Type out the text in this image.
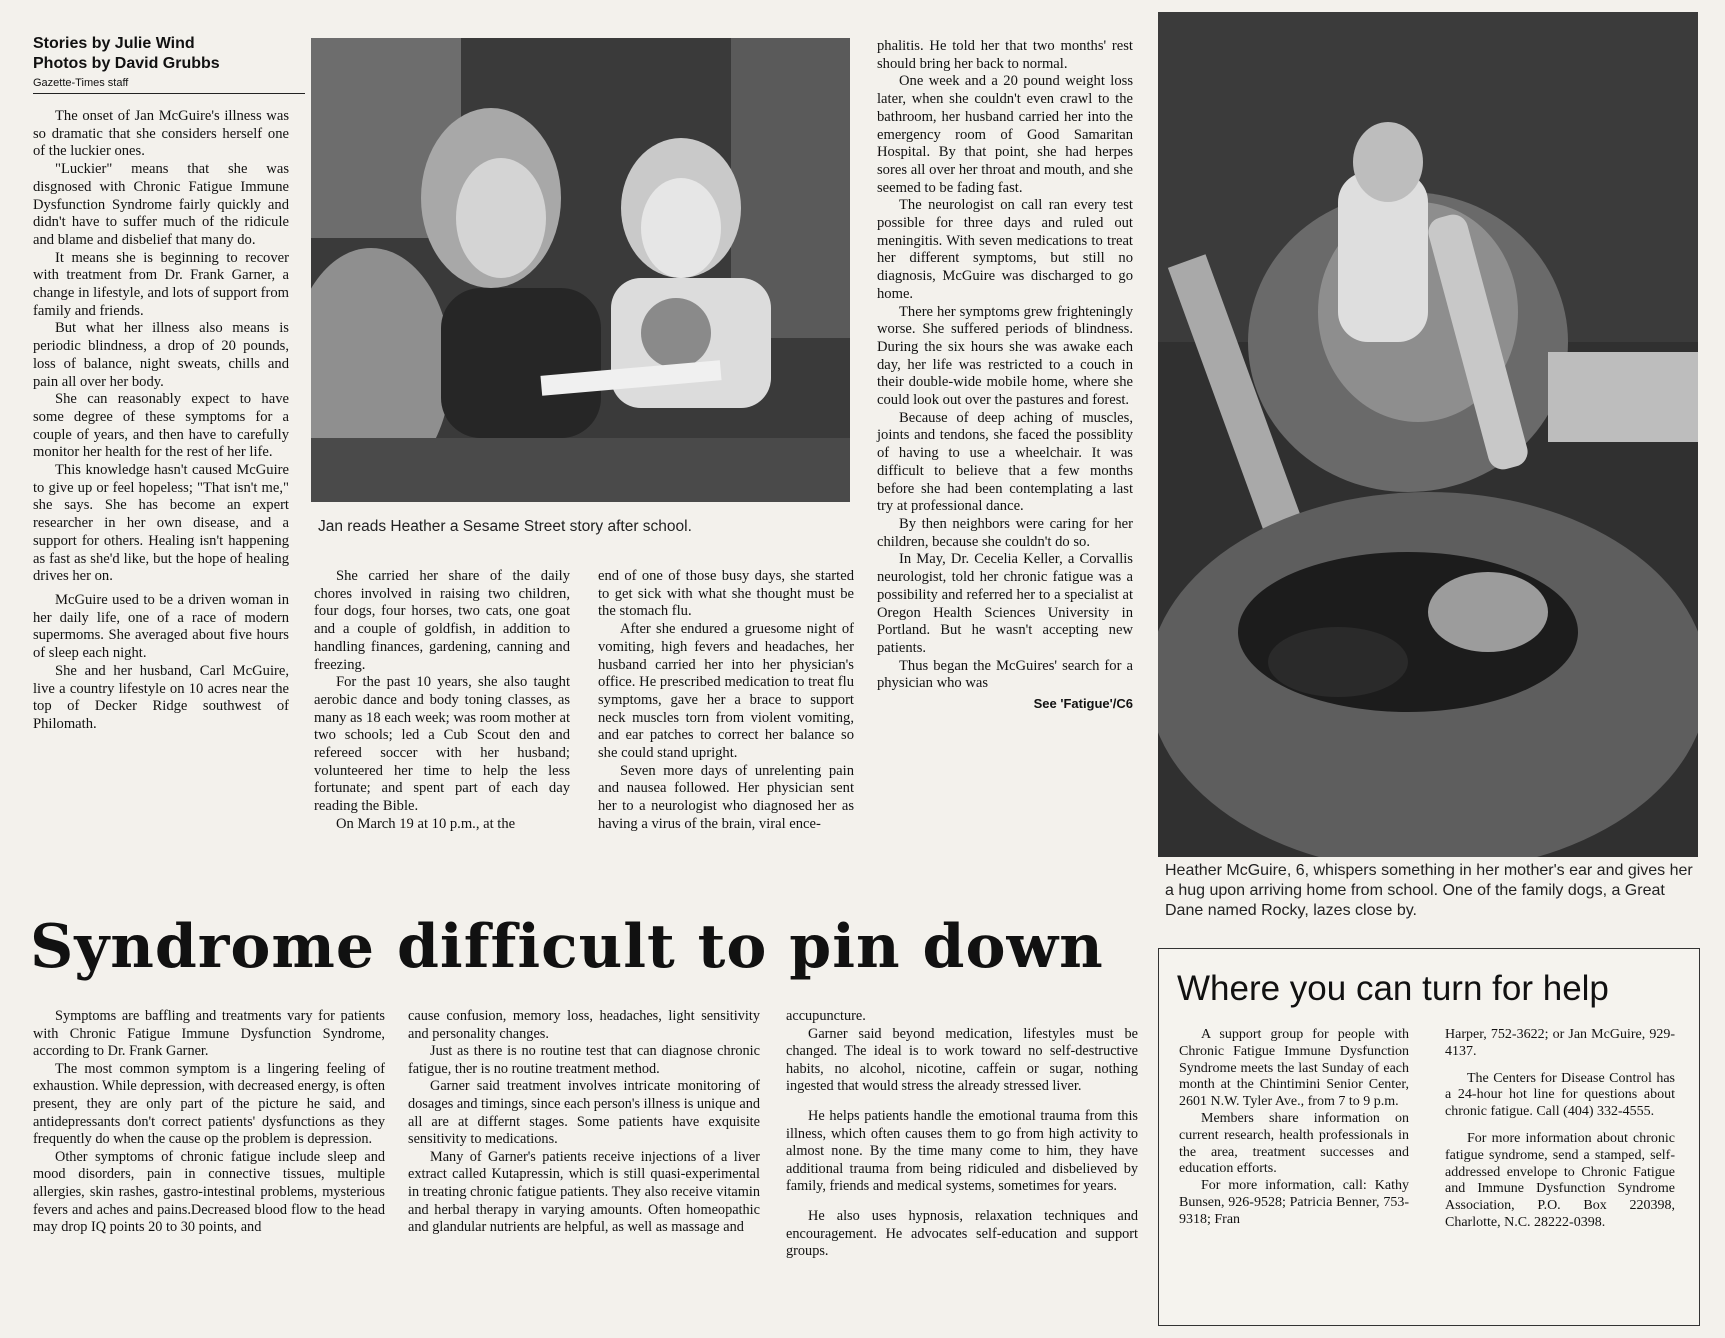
Stories by Julie Wind
Photos by David Grubbs
Gazette-Times staff

The onset of Jan McGuire's illness was so dramatic that she considers herself one of the luckier ones.

"Luckier" means that she was disgnosed with Chronic Fatigue Immune Dysfunction Syndrome fairly quickly and didn't have to suffer much of the ridicule and blame and disbelief that many do.

It means she is beginning to recover with treatment from Dr. Frank Garner, a change in lifestyle, and lots of support from family and friends.

But what her illness also means is periodic blindness, a drop of 20 pounds, loss of balance, night sweats, chills and pain all over her body.

She can reasonably expect to have some degree of these symptoms for a couple of years, and then have to carefully monitor her health for the rest of her life.

This knowledge hasn't caused McGuire to give up or feel hopeless; "That isn't me," she says. She has become an expert researcher in her own disease, and a support for others. Healing isn't happening as fast as she'd like, but the hope of healing drives her on.

McGuire used to be a driven woman in her daily life, one of a race of modern supermoms. She averaged about five hours of sleep each night.

She and her husband, Carl McGuire, live a country lifestyle on 10 acres near the top of Decker Ridge southwest of Philomath.

Jan reads Heather a Sesame Street story after school.

She carried her share of the daily chores involved in raising two children, four dogs, four horses, two cats, one goat and a couple of goldfish, in addition to handling finances, gardening, canning and freezing.

For the past 10 years, she also taught aerobic dance and body toning classes, as many as 18 each week; was room mother at two schools; led a Cub Scout den and refereed soccer with her husband; volunteered her time to help the less fortunate; and spent part of each day reading the Bible.

On March 19 at 10 p.m., at the

end of one of those busy days, she started to get sick with what she thought must be the stomach flu.

After she endured a gruesome night of vomiting, high fevers and headaches, her husband carried her into her physician's office. He prescribed medication to treat flu symptoms, gave her a brace to support neck muscles torn from violent vomiting, and ear patches to correct her balance so she could stand upright.

Seven more days of unrelenting pain and nausea followed. Her physician sent her to a neurologist who diagnosed her as having a virus of the brain, viral ence-

phalitis. He told her that two months' rest should bring her back to normal.

One week and a 20 pound weight loss later, when she couldn't even crawl to the bathroom, her husband carried her into the emergency room of Good Samaritan Hospital. By that point, she had herpes sores all over her throat and mouth, and she seemed to be fading fast.

The neurologist on call ran every test possible for three days and ruled out meningitis. With seven medications to treat her different symptoms, but still no diagnosis, McGuire was discharged to go home.

There her symptoms grew frighteningly worse. She suffered periods of blindness. During the six hours she was awake each day, her life was restricted to a couch in their double-wide mobile home, where she could look out over the pastures and forest.

Because of deep aching of muscles, joints and tendons, she faced the possiblity of having to use a wheelchair. It was difficult to believe that a few months before she had been contemplating a last try at professional dance.

By then neighbors were caring for her children, because she couldn't do so.

In May, Dr. Cecelia Keller, a Corvallis neurologist, told her chronic fatigue was a possibility and referred her to a specialist at Oregon Health Sciences University in Portland. But he wasn't accepting new patients.

Thus began the McGuires' search for a physician who was

See 'Fatigue'/C6
Heather McGuire, 6, whispers something in her mother's ear and gives her a hug upon arriving home from school. One of the family dogs, a Great Dane named Rocky, lazes close by.
Syndrome difficult to pin down

Symptoms are baffling and treatments vary for patients with Chronic Fatigue Immune Dysfunction Syndrome, according to Dr. Frank Garner.

The most common symptom is a lingering feeling of exhaustion. While depression, with decreased energy, is often present, they are only part of the picture he said, and antidepressants don't correct patients' dysfunctions as they frequently do when the cause op the problem is depression.

Other symptoms of chronic fatigue include sleep and mood disorders, pain in connective tissues, multiple allergies, skin rashes, gastro-intestinal problems, mysterious fevers and aches and pains.Decreased blood flow to the head may drop IQ points 20 to 30 points, and

cause confusion, memory loss, headaches, light sensitivity and personality changes.

Just as there is no routine test that can diagnose chronic fatigue, ther is no routine treatment method.

Garner said treatment involves intricate monitoring of dosages and timings, since each person's illness is unique and all are at differnt stages. Some patients have exquisite sensitivity to medications.

Many of Garner's patients receive injections of a liver extract called Kutapressin, which is still quasi-experimental in treating chronic fatigue patients. They also receive vitamin and herbal therapy in varying amounts. Often homeopathic and glandular nutrients are helpful, as well as massage and

accupuncture.

Garner said beyond medication, lifestyles must be changed. The ideal is to work toward no self-destructive habits, no alcohol, nicotine, caffein or sugar, nothing ingested that would stress the already stressed liver.

He helps patients handle the emotional trauma from this illness, which often causes them to go from high activity to almost none. By the time many come to him, they have additional trauma from being ridiculed and disbelieved by family, friends and medical systems, sometimes for years.

He also uses hypnosis, relaxation techniques and encouragement. He advocates self-education and support groups.

Where you can turn for help

A support group for people with Chronic Fatigue Immune Dysfunction Syndrome meets the last Sunday of each month at the Chintimini Senior Center, 2601 N.W. Tyler Ave., from 7 to 9 p.m.

Members share information on current research, health professionals in the area, treatment successes and education efforts.

For more information, call: Kathy Bunsen, 926-9528; Patricia Benner, 753-9318; Fran

Harper, 752-3622; or Jan McGuire, 929-4137.

The Centers for Disease Control has a 24-hour hot line for questions about chronic fatigue. Call (404) 332-4555.

For more information about chronic fatigue syndrome, send a stamped, self-addressed envelope to Chronic Fatigue and Immune Dysfunction Syndrome Association, P.O. Box 220398, Charlotte, N.C. 28222-0398.
